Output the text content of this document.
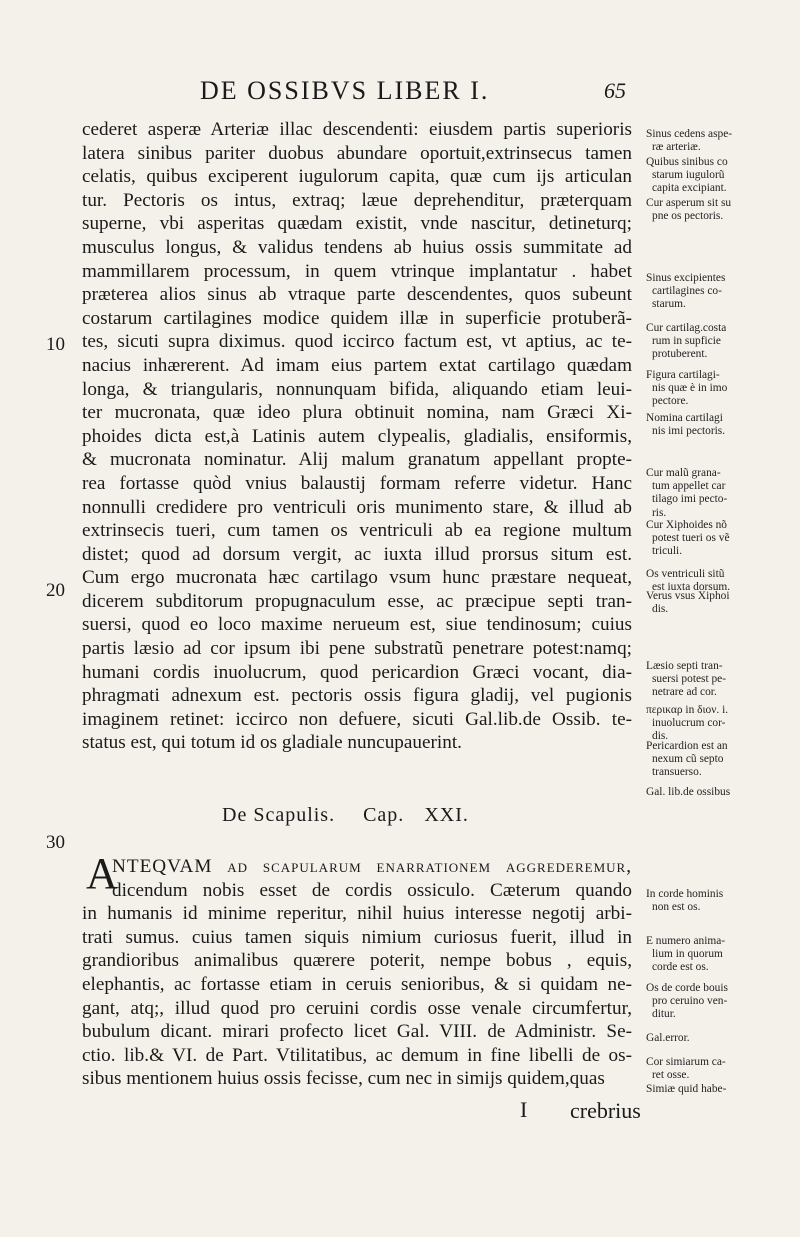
DE OSSIBVS LIBER I.	65
cederet asperæ Arteriæ illac descendenti: eiusdem partis superioris
latera sinibus pariter duobus abundare oportuit,extrinsecus tamen
celatis, quibus exciperent iugulorum capita, quæ cum ijs articulan
tur. Pectoris os intus, extraq; læue deprehenditur, præterquam
superne, vbi asperitas quædam existit, vnde nascitur, detineturq;
musculus longus, & validus tendens ab huius ossis summitate ad
mammillarem processum, in quem vtrinque implantatur . habet
præterea alios sinus ab vtraque parte descendentes, quos subeunt
costarum cartilagines modice quidem illæ in superficie protuberã-
tes, sicuti supra diximus. quod iccirco factum est, vt aptius, ac te-
nacius inhærerent. Ad imam eius partem extat cartilago quædam
longa, & triangularis, nonnunquam bifida, aliquando etiam leui-
ter mucronata, quæ ideo plura obtinuit nomina, nam Græci Xi-
phoides dicta est,à Latinis autem clypealis, gladialis, ensiformis,
& mucronata nominatur. Alij malum granatum appellant propte-
rea fortasse quòd vnius balaustij formam referre videtur. Hanc
nonnulli credidere pro ventriculi oris munimento stare, & illud ab
extrinsecis tueri, cum tamen os ventriculi ab ea regione multum
distet; quod ad dorsum vergit, ac iuxta illud prorsus situm est.
Cum ergo mucronata hæc cartilago vsum hunc præstare nequeat,
dicerem subditorum propugnaculum esse, ac præcipue septi tran-
suersi, quod eo loco maxime nerueum est, siue tendinosum; cuius
partis læsio ad cor ipsum ibi pene substratũ penetrare potest:namq;
humani cordis inuolucrum, quod pericardion Græci vocant, dia-
phragmati adnexum est. pectoris ossis figura gladij, vel pugionis
imaginem retinet: iccirco non defuere, sicuti Gal.lib.de Ossib. te-
status est, qui totum id os gladiale nuncupauerint.
10
20
30
De Scapulis. Cap. XXI.
A
NTEQVAM ad scapularum enarrationem aggrederemur,
dicendum nobis esset de cordis ossiculo. Cæterum quando
in humanis id minime reperitur, nihil huius interesse negotij arbi-
trati sumus. cuius tamen siquis nimium curiosus fuerit, illud in
grandioribus animalibus quærere poterit, nempe bobus , equis,
elephantis, ac fortasse etiam in ceruis senioribus, & si quidam ne-
gant, atq;, illud quod pro ceruini cordis osse venale circumfertur,
bubulum dicant. mirari profecto licet Gal. VIII. de Administr. Se-
ctio. lib.& VI. de Part. Vtilitatibus, ac demum in fine libelli de os-
sibus mentionem huius ossis fecisse, cum nec in simijs quidem,quas
Sinus cedens aspe-
ræ arteriæ.
Quibus sinibus co
starum iugulorũ
capita excipiant.
Cur asperum sit su
pne os pectoris.
Sinus excipientes
cartilagines co-
starum.
Cur cartilag.costa
rum in supficie
protuberent.
Figura cartilagi-
nis quæ è in imo
pectore.
Nomina cartilagi
nis imi pectoris.
Cur malũ grana-
tum appellet car
tilago imi pecto-
ris.
Cur Xiphoides nõ
potest tueri os vẽ
triculi.
Os ventriculi sitũ
est iuxta dorsum.
Verus vsus Xiphoi
dis.
Læsio septi tran-
suersi potest pe-
netrare ad cor.
περικαρ in διον. i.
inuolucrum cor-
dis.
Pericardion est an
nexum cũ septo
transuerso.
Gal. lib.de ossibus
In corde hominis
non est os.
E numero anima-
lium in quorum
corde est os.
Os de corde bouis
pro ceruino ven-
ditur.
Gal.error.
Cor simiarum ca-
ret osse.
Simiæ quid habe-
I crebrius
